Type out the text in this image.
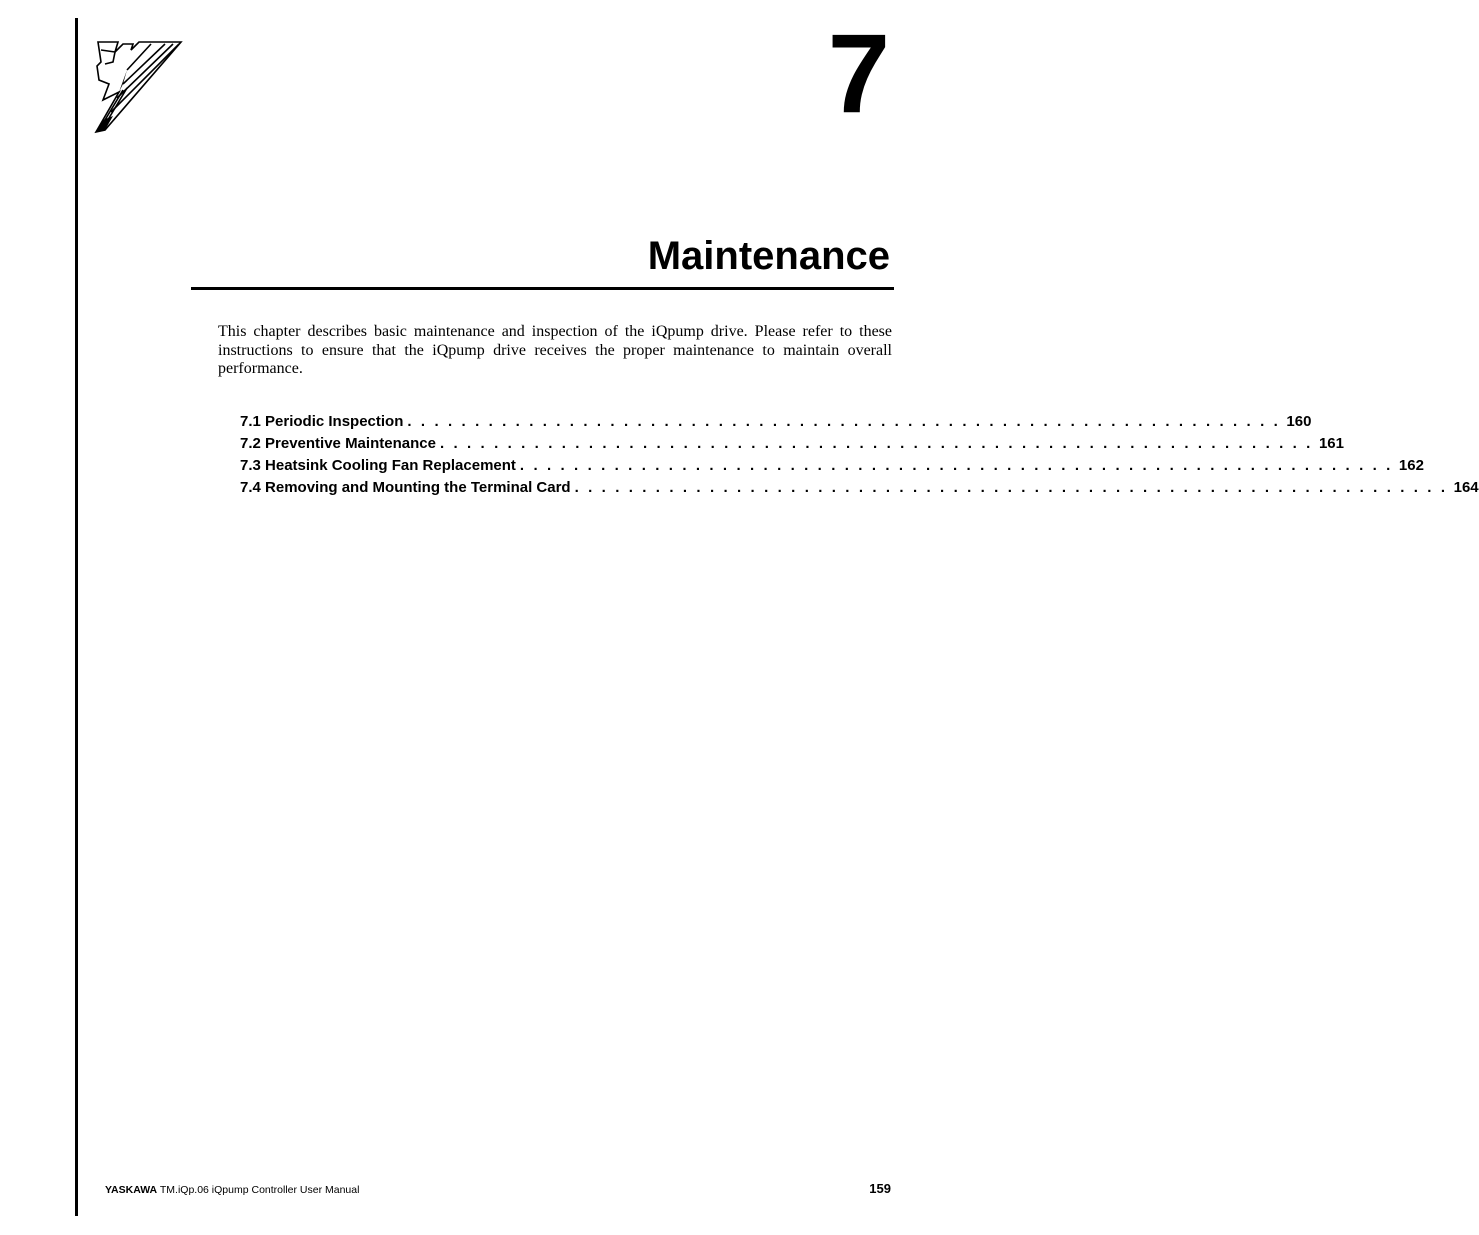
7
Maintenance

This chapter describes basic maintenance and inspection of the iQpump drive. Please refer to these instructions to ensure that the iQpump drive receives the proper maintenance to maintain overall performance.

7.1 Periodic Inspection . . . . . . . . . . . . . . . . . . . . . . . . . . . . . . . . . . . . . . . . . . . . . . . . . . . . . . . . . . . . . . . . . 160
7.2 Preventive Maintenance . . . . . . . . . . . . . . . . . . . . . . . . . . . . . . . . . . . . . . . . . . . . . . . . . . . . . . . . . . . . . . . . . 161
7.3 Heatsink Cooling Fan Replacement . . . . . . . . . . . . . . . . . . . . . . . . . . . . . . . . . . . . . . . . . . . . . . . . . . . . . . . . . . . . . . . . . 162
7.4 Removing and Mounting the Terminal Card . . . . . . . . . . . . . . . . . . . . . . . . . . . . . . . . . . . . . . . . . . . . . . . . . . . . . . . . . . . . . . . . . 164
YASKAWA TM.iQp.06 iQpump Controller User Manual	159
